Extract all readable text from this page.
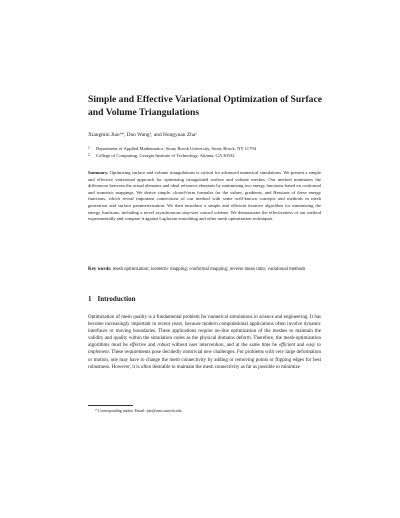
Simple and Effective Variational Optimization of Surface and Volume Triangulations
Xiangmin Jiao¹*, Duo Wang¹, and Hongyuan Zha²
1 Department of Applied Mathematics, Stony Brook University, Stony Brook, NY 11794
2 College of Computing, Georgia Institute of Technology, Atlanta, GA 30332
Summary. Optimizing surface and volume triangulations is critical for advanced numerical simulations. We present a simple and effective variational approach for optimizing triangulated surface and volume meshes. Our method minimizes the differences between the actual elements and ideal reference elements by minimizing two energy functions based on conformal and isometric mappings. We derive simple, closed-form formulas for the values, gradients, and Hessians of these energy functions, which reveal important connections of our method with some well-known concepts and methods in mesh generation and surface parameterization. We then introduce a simple and efficient iterative algorithm for minimizing the energy functions, including a novel asynchronous step-size control scheme. We demonstrate the effectiveness of our method experimentally and compare it against Laplacian smoothing and other mesh optimization techniques.
Key words: mesh optimization; isometric mapping; conformal mapping; inverse mean ratio; variational methods
1 Introduction
Optimization of mesh quality is a fundamental problem for numerical simulations in science and engineering. It has become increasingly important in recent years, because modern computational applications often involve dynamic interfaces or moving boundaries. These applications require on-line optimization of the meshes to maintain the validity and quality within the simulation codes as the physical domains deform. Therefore, the mesh-optimization algorithms must be effective and robust without user intervention, and at the same time be efficient and easy to implement. These requirements pose decidedly nontrivial new challenges. For problems with very large deformation or motion, one may have to change the mesh connectivity by adding or removing points or flipping edges for best robustness. However, it is often desirable to maintain the mesh connectivity as far as possible to minimize
* Corresponding author. Email: jiao@ams.sunysb.edu.
